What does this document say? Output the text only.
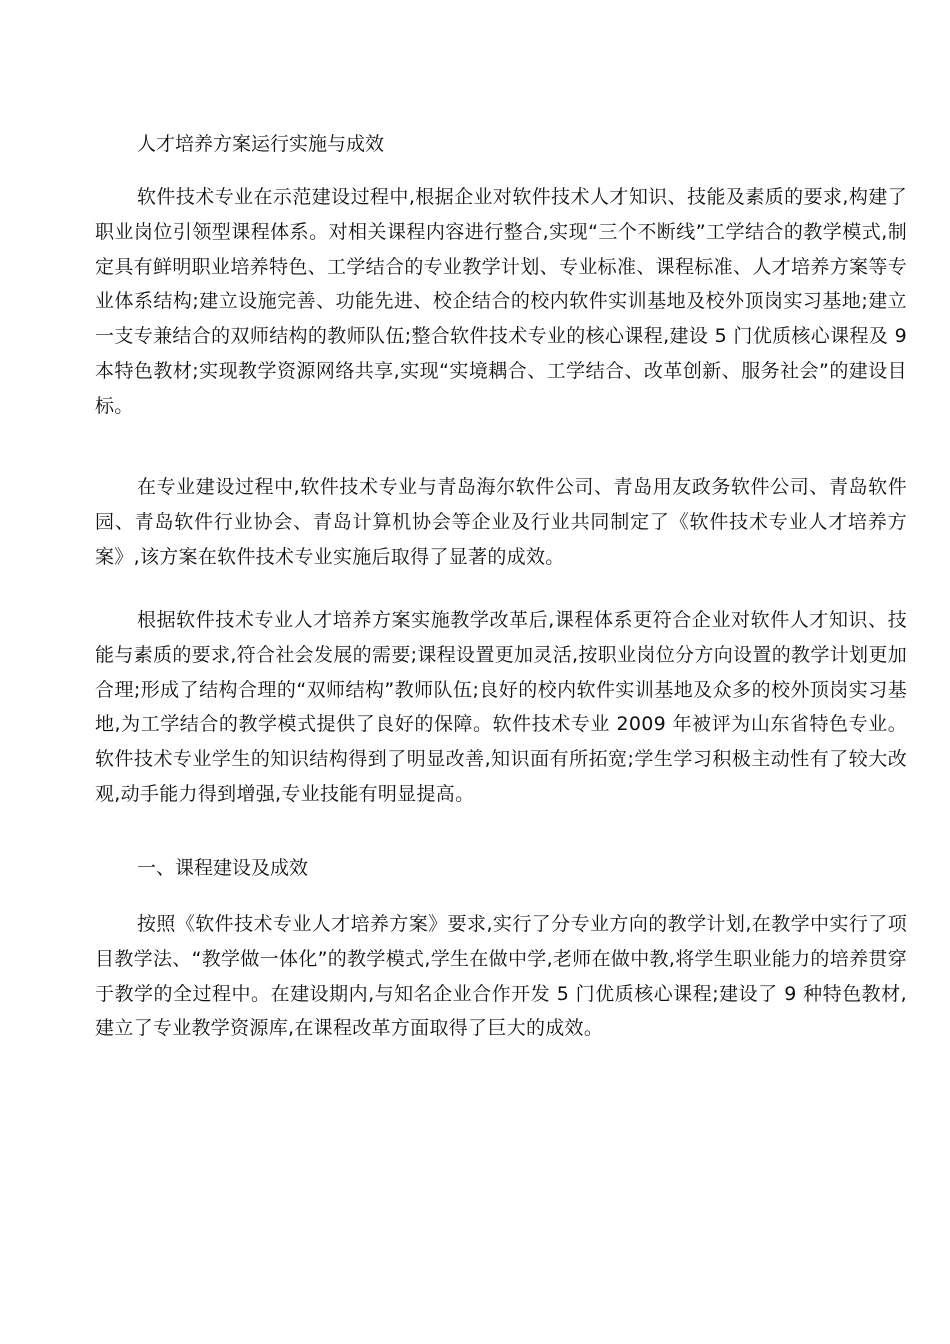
人才培养方案运行实施与成效

软件技术专业在示范建设过程中,根据企业对软件技术人才知识、技能及素质的要求,构建了职业岗位引领型课程体系。对相关课程内容进行整合,实现“三个不断线”工学结合的教学模式,制定具有鲜明职业培养特色、工学结合的专业教学计划、专业标准、课程标准、人才培养方案等专业体系结构;建立设施完善、功能先进、校企结合的校内软件实训基地及校外顶岗实习基地;建立一支专兼结合的双师结构的教师队伍;整合软件技术专业的核心课程,建设 5 门优质核心课程及 9 本特色教材;实现教学资源网络共享,实现“实境耦合、工学结合、改革创新、服务社会”的建设目标。

在专业建设过程中,软件技术专业与青岛海尔软件公司、青岛用友政务软件公司、青岛软件园、青岛软件行业协会、青岛计算机协会等企业及行业共同制定了《软件技术专业人才培养方案》,该方案在软件技术专业实施后取得了显著的成效。

根据软件技术专业人才培养方案实施教学改革后,课程体系更符合企业对软件人才知识、技能与素质的要求,符合社会发展的需要;课程设置更加灵活,按职业岗位分方向设置的教学计划更加合理;形成了结构合理的“双师结构”教师队伍;良好的校内软件实训基地及众多的校外顶岗实习基地,为工学结合的教学模式提供了良好的保障。软件技术专业 2009 年被评为山东省特色专业。软件技术专业学生的知识结构得到了明显改善,知识面有所拓宽;学生学习积极主动性有了较大改观,动手能力得到增强,专业技能有明显提高。

一、课程建设及成效

按照《软件技术专业人才培养方案》要求,实行了分专业方向的教学计划,在教学中实行了项目教学法、“教学做一体化”的教学模式,学生在做中学,老师在做中教,将学生职业能力的培养贯穿于教学的全过程中。在建设期内,与知名企业合作开发 5 门优质核心课程;建设了 9 种特色教材,建立了专业教学资源库,在课程改革方面取得了巨大的成效。
